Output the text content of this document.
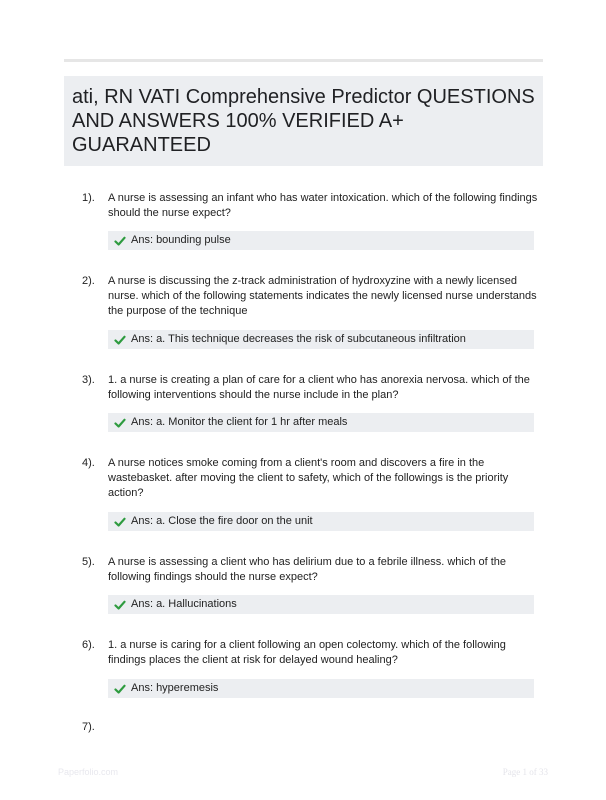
ati, RN VATI Comprehensive Predictor QUESTIONS AND ANSWERS 100% VERIFIED A+ GUARANTEED
1). A nurse is assessing an infant who has water intoxication. which of the following findings should the nurse expect?

Ans: bounding pulse
2). A nurse is discussing the z-track administration of hydroxyzine with a newly licensed nurse. which of the following statements indicates the newly licensed nurse understands the purpose of the technique

Ans: a. This technique decreases the risk of subcutaneous infiltration
3). 1. a nurse is creating a plan of care for a client who has anorexia nervosa. which of the following interventions should the nurse include in the plan?

Ans: a. Monitor the client for 1 hr after meals
4). A nurse notices smoke coming from a client's room and discovers a fire in the wastebasket. after moving the client to safety, which of the followings is the priority action?

Ans: a. Close the fire door on the unit
5). A nurse is assessing a client who has delirium due to a febrile illness. which of the following findings should the nurse expect?

Ans: a. Hallucinations
6). 1. a nurse is caring for a client following an open colectomy. which of the following findings places the client at risk for delayed wound healing?

Ans: hyperemesis
7).
Paperfolio.com	Page 1 of 33
